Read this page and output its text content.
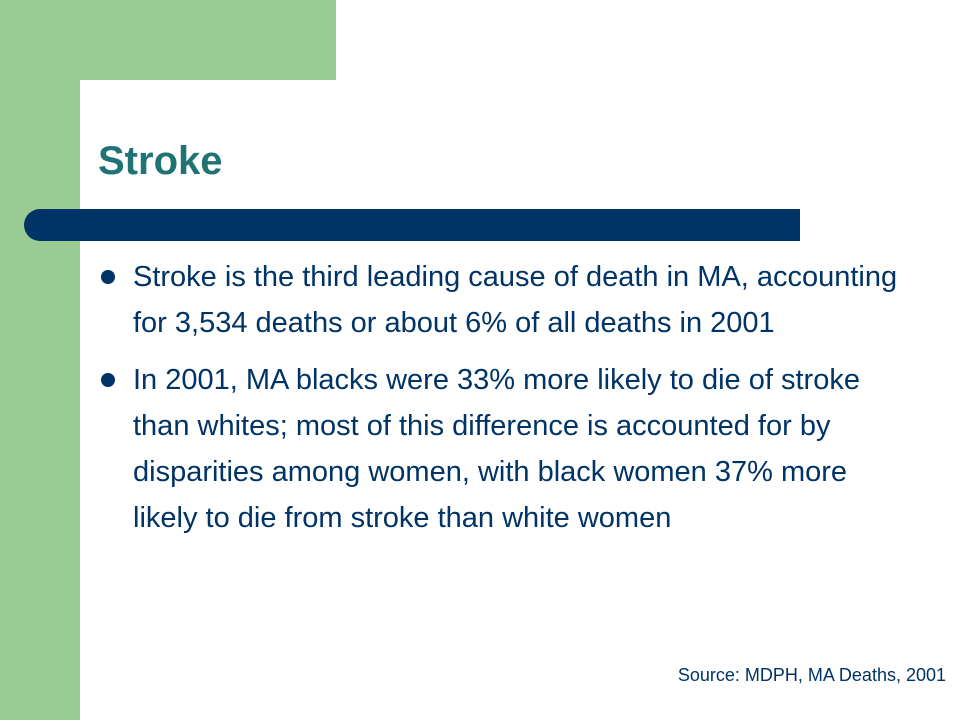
Stroke
Stroke is the third leading cause of death in MA, accounting for 3,534 deaths or about 6% of all deaths in 2001
In 2001, MA blacks were 33% more likely to die of stroke than whites; most of this difference is accounted for by disparities among women, with black women 37% more likely to die from stroke than white women
Source: MDPH, MA Deaths, 2001
